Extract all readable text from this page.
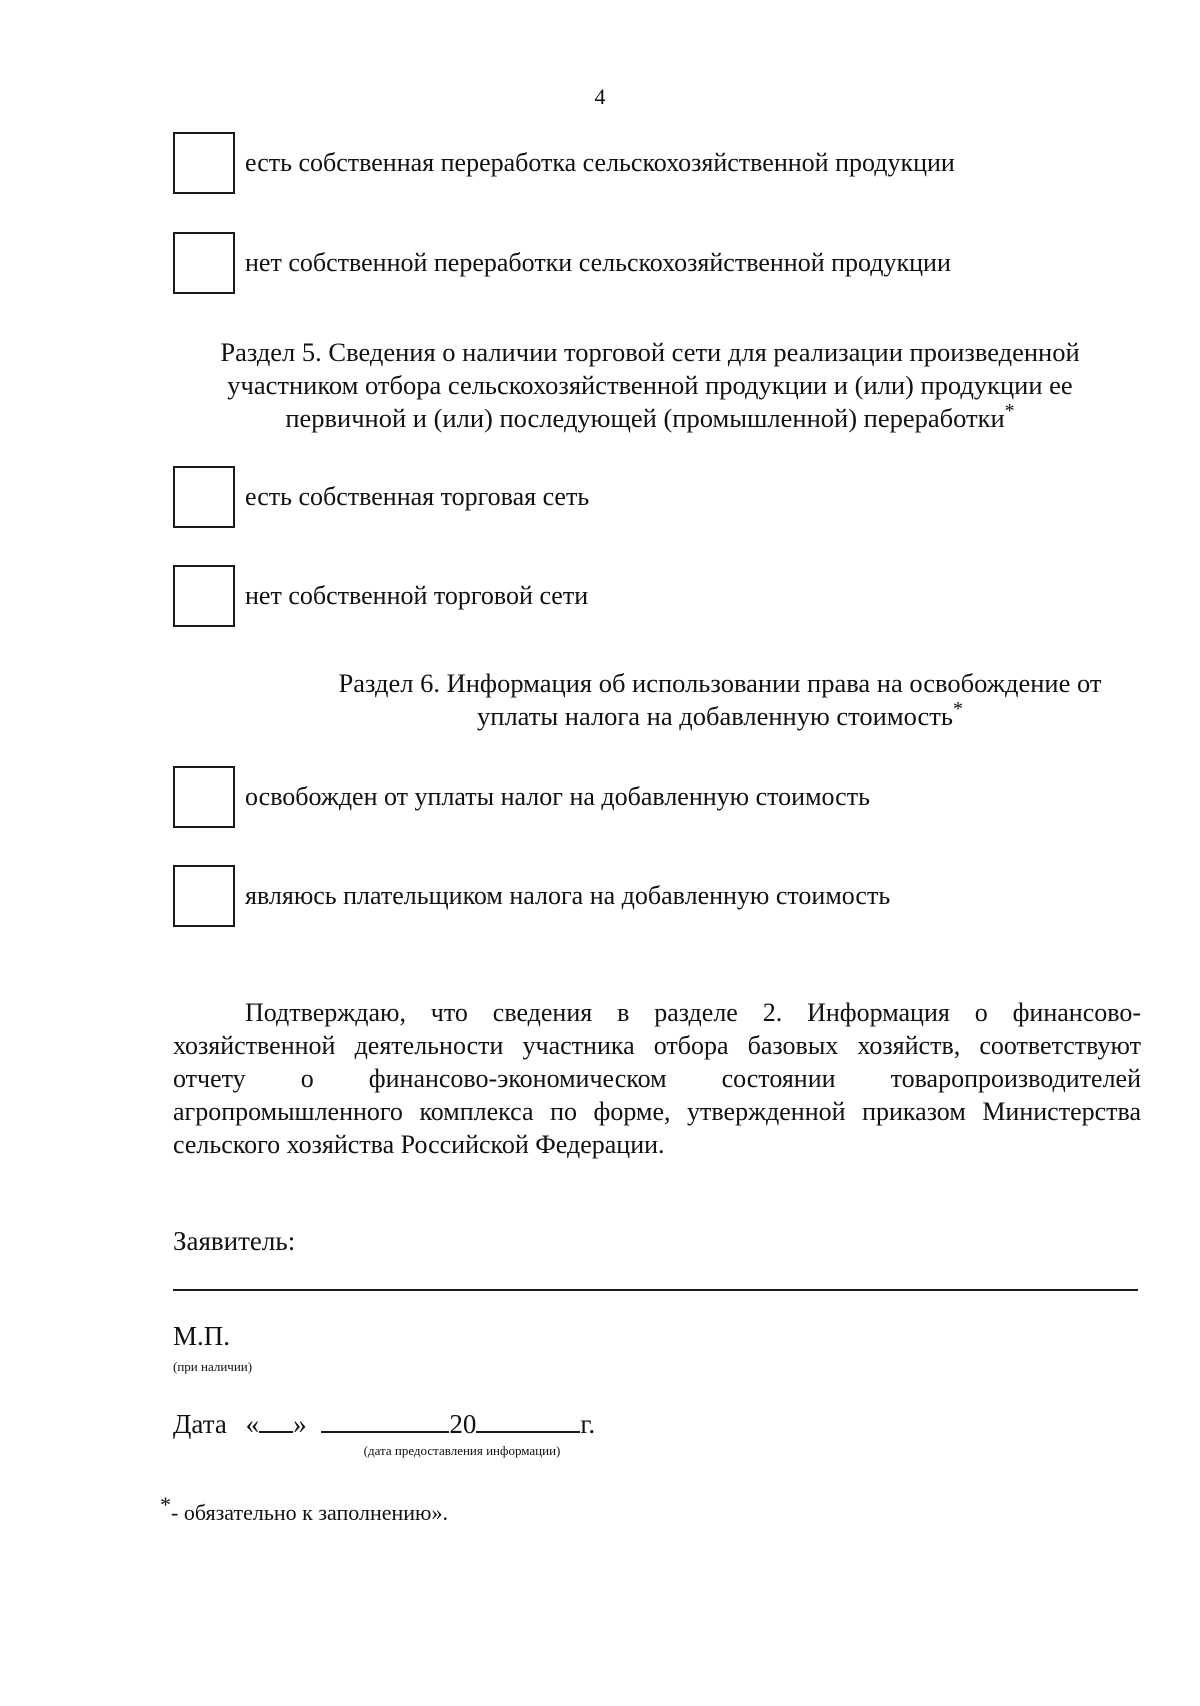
4
есть собственная переработка сельскохозяйственной продукции
нет собственной переработки сельскохозяйственной продукции
Раздел 5. Сведения о наличии торговой сети для реализации произведенной
участником отбора сельскохозяйственной продукции и (или) продукции ее
первичной и (или) последующей (промышленной) переработки*
есть собственная торговая сеть
нет собственной торговой сети
Раздел 6. Информация об использовании права на освобождение от
уплаты налога на добавленную стоимость*
освобожден от уплаты налог на добавленную стоимость
являюсь плательщиком налога на добавленную стоимость

Подтверждаю, что сведения в разделе 2. Информация о финансово-хозяйственной деятельности участника отбора базовых хозяйств, соответствуют отчету о финансово-экономическом состоянии товаропроизводителей агропромышленного комплекса по форме, утвержденной приказом Министерства сельского хозяйства Российской Федерации.

Заявитель:
М.П.
(при наличии)
Дата « »	20	г.
(дата предоставления информации)
*- обязательно к заполнению».
